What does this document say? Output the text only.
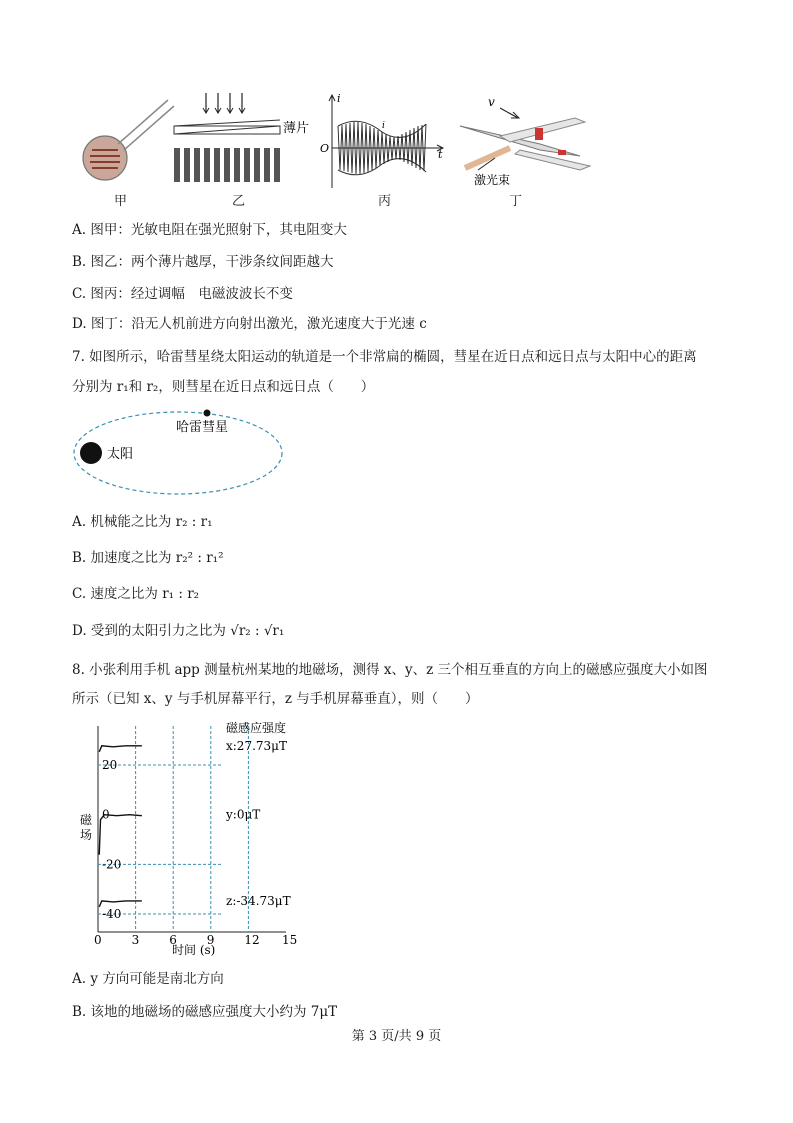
薄片
i
t
O
i
v
激光束
甲	乙	丙	丁
A. 图甲：光敏电阻在强光照射下，其电阻变大
B. 图乙：两个薄片越厚，干涉条纹间距越大
C. 图丙：经过调幅　电磁波波长不变
D. 图丁：沿无人机前进方向射出激光，激光速度大于光速 c
7. 如图所示，哈雷彗星绕太阳运动的轨道是一个非常扁的椭圆，彗星在近日点和远日点与太阳中心的距离
分别为 r₁和 r₂，则彗星在近日点和远日点（　　）
太阳
哈雷彗星
A. 机械能之比为 r₂ : r₁
B. 加速度之比为 r₂² : r₁²
C. 速度之比为 r₁ : r₂
D. 受到的太阳引力之比为 √r₂ : √r₁
8. 小张利用手机 app 测量杭州某地的地磁场，测得 x、y、z 三个相互垂直的方向上的磁感应强度大小如图
所示（已知 x、y 与手机屏幕平行，z 与手机屏幕垂直），则（　　）
磁感应强度
磁
场
时间 (s)
0 3 6 9 12 15
20
0
-20
-40
x:27.73μT
y:0μT
z:-34.73μT
A. y 方向可能是南北方向
B. 该地的地磁场的磁感应强度大小约为 7μT
第 3 页/共 9 页
